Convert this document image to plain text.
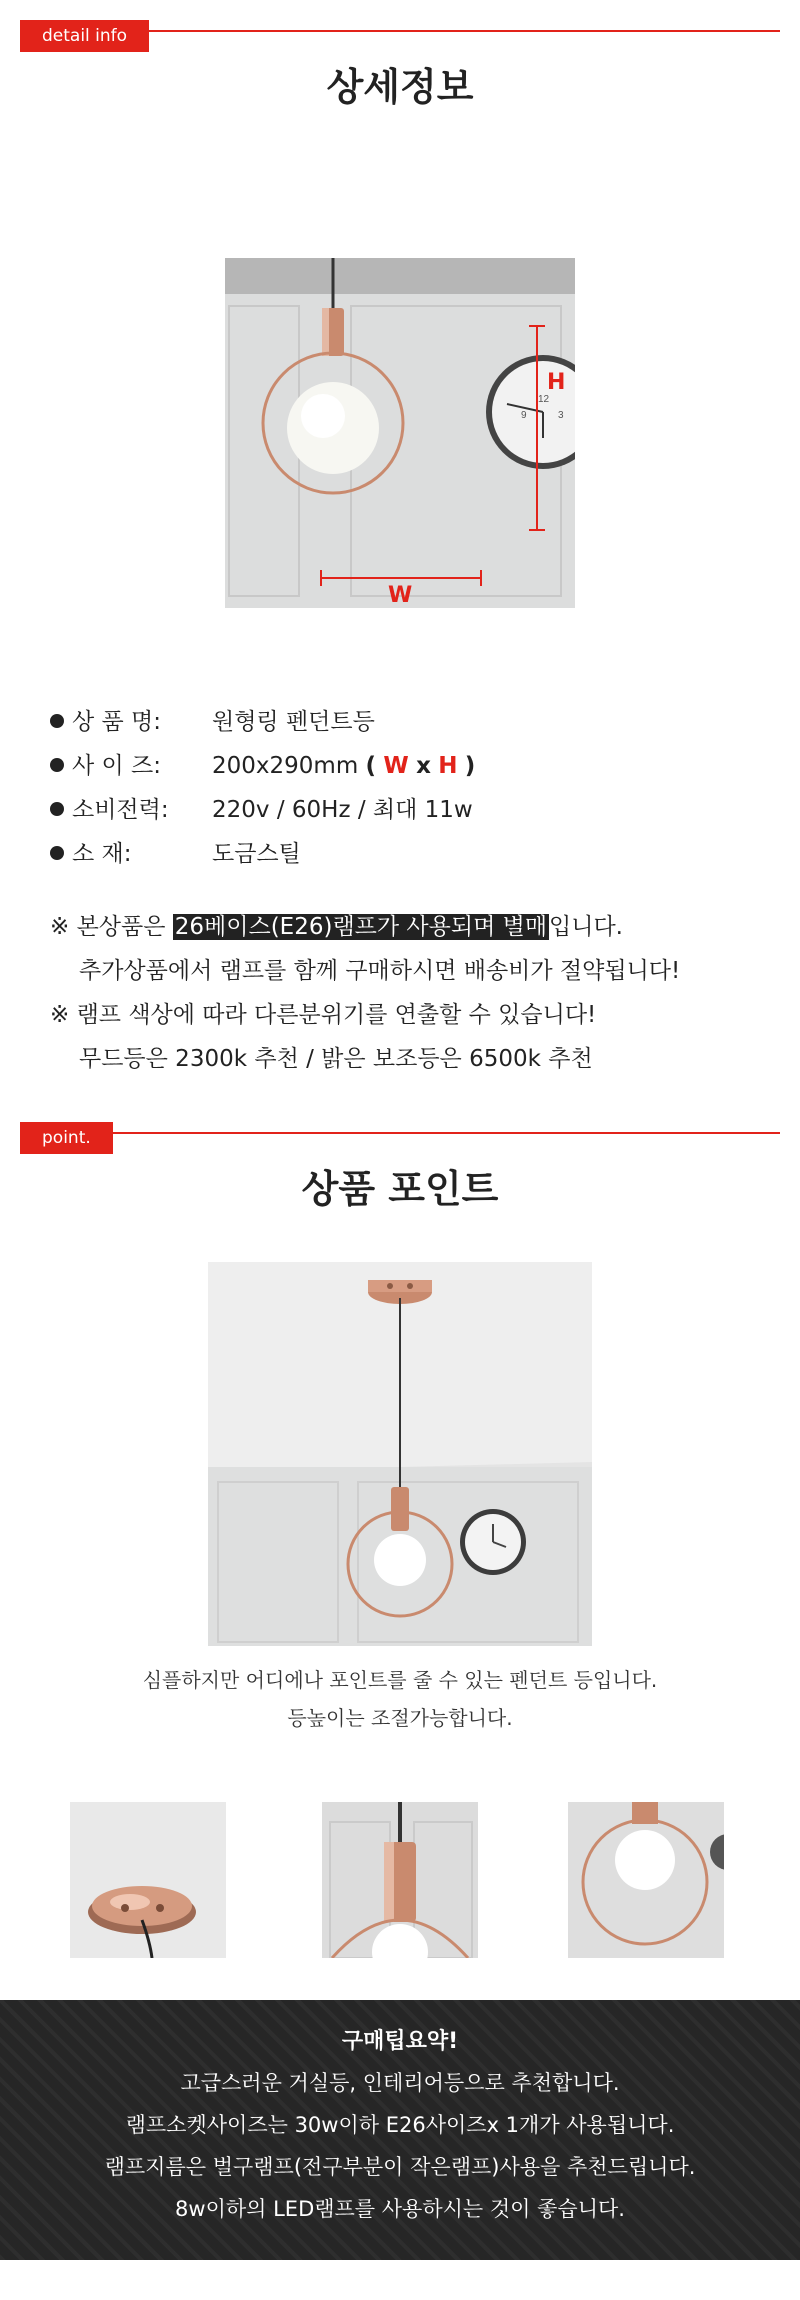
detail info
상세정보
12
9	3
H
W
상 품 명: 원형링 펜던트등
사 이 즈: 200x290mm ( W x H )
소비전력: 220v / 60Hz / 최대 11w
소 재:	도금스틸
※ 본상품은 26베이스(E26)램프가 사용되며 별매입니다.
추가상품에서 램프를 함께 구매하시면 배송비가 절약됩니다!
※ 램프 색상에 따라 다른분위기를 연출할 수 있습니다!
무드등은 2300k 추천 / 밝은 보조등은 6500k 추천
point.
상품 포인트
심플하지만 어디에나 포인트를 줄 수 있는 펜던트 등입니다.
등높이는 조절가능합니다.
구매팁요약!
고급스러운 거실등, 인테리어등으로 추천합니다.
램프소켓사이즈는 30w이하 E26사이즈x 1개가 사용됩니다.
램프지름은 벌구램프(전구부분이 작은램프)사용을 추천드립니다.
8w이하의 LED램프를 사용하시는 것이 좋습니다.
